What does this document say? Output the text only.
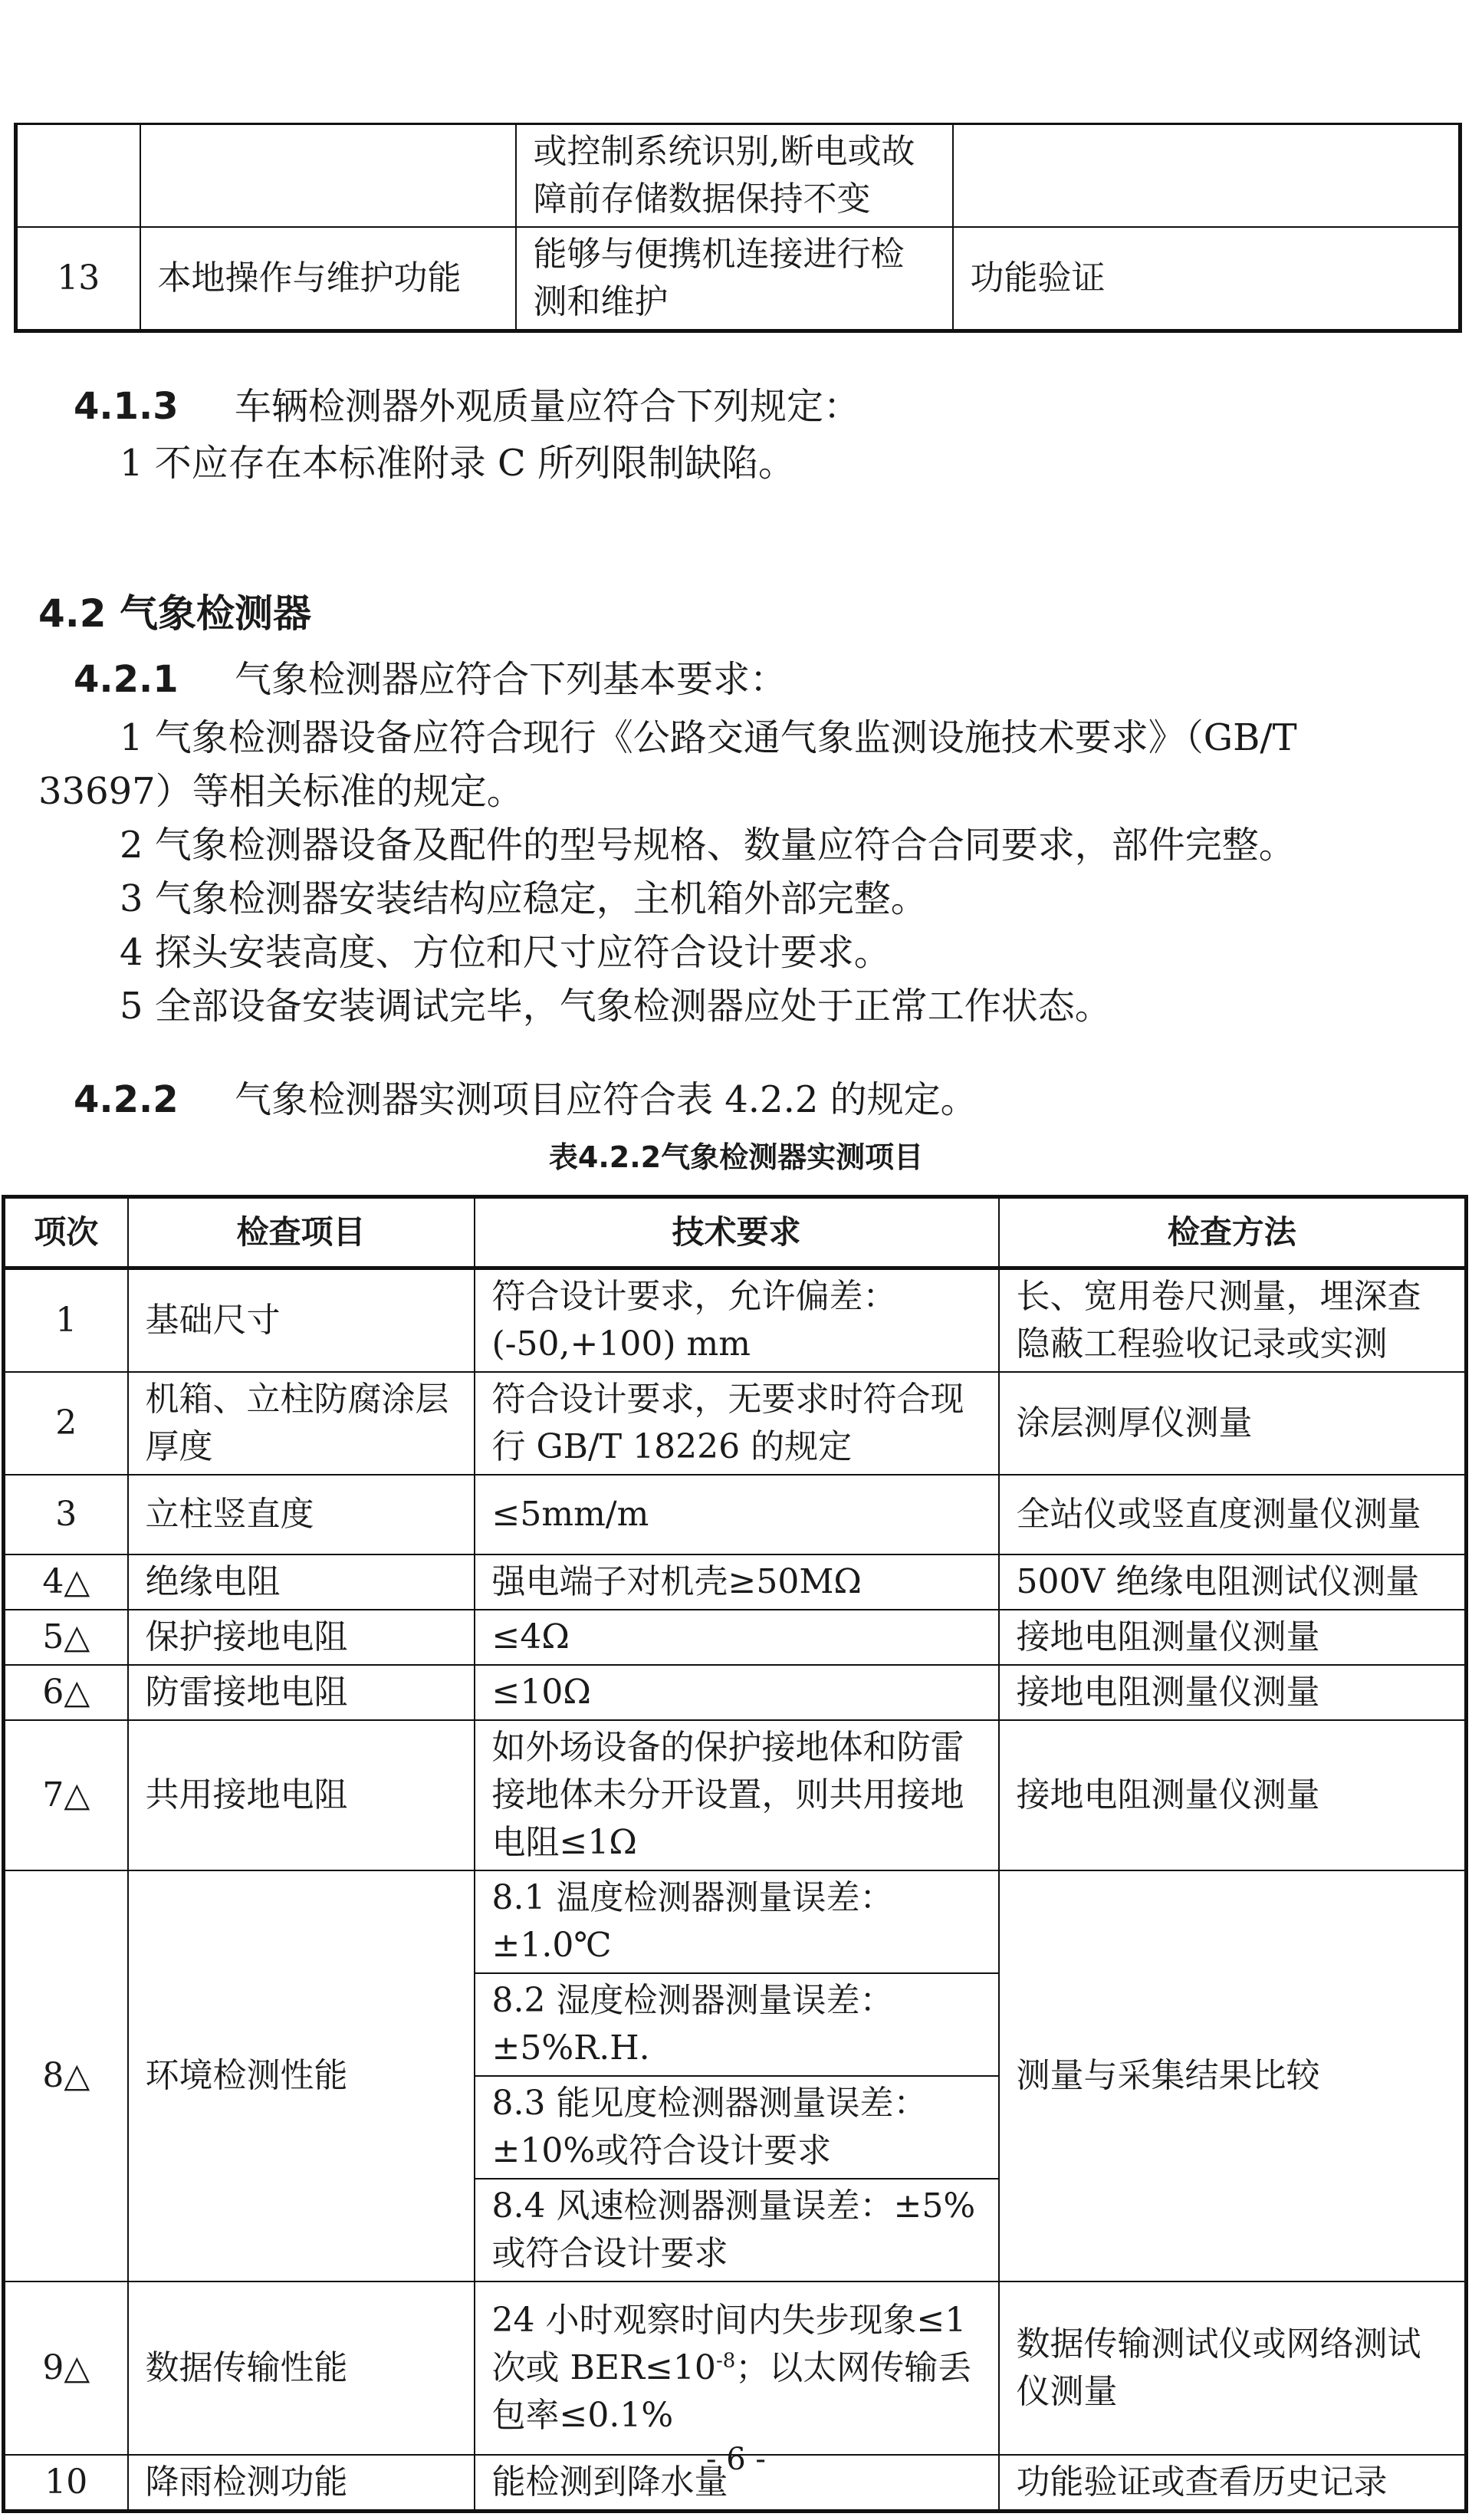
		或控制系统识别,断电或故障前存储数据保持不变	
13	本地操作与维护功能	能够与便携机连接进行检测和维护	功能验证
4.1.3 车辆检测器外观质量应符合下列规定：
1 不应存在本标准附录 C 所列限制缺陷。
4.2 气象检测器
4.2.1 气象检测器应符合下列基本要求：
1 气象检测器设备应符合现行《公路交通气象监测设施技术要求》（GB/T
33697）等相关标准的规定。
2 气象检测器设备及配件的型号规格、数量应符合合同要求，部件完整。
3 气象检测器安装结构应稳定，主机箱外部完整。
4 探头安装高度、方位和尺寸应符合设计要求。
5 全部设备安装调试完毕，气象检测器应处于正常工作状态。
4.2.2 气象检测器实测项目应符合表 4.2.2 的规定。
表4.2.2气象检测器实测项目
项次	检查项目	技术要求	检查方法
1	基础尺寸	符合设计要求，允许偏差：(-50,+100) mm	长、宽用卷尺测量，埋深查隐蔽工程验收记录或实测
2	机箱、立柱防腐涂层厚度	符合设计要求，无要求时符合现行 GB/T 18226 的规定	涂层测厚仪测量
3	立柱竖直度	≤5mm/m	全站仪或竖直度测量仪测量
4△	绝缘电阻	强电端子对机壳≥50MΩ	500V 绝缘电阻测试仪测量
5△	保护接地电阻	≤4Ω	接地电阻测量仪测量
6△	防雷接地电阻	≤10Ω	接地电阻测量仪测量
7△	共用接地电阻	如外场设备的保护接地体和防雷接地体未分开设置，则共用接地电阻≤1Ω	接地电阻测量仪测量
8△	环境检测性能	8.1 温度检测器测量误差：±1.0℃	测量与采集结果比较
		8.2 湿度检测器测量误差：±5%R.H.	
		8.3 能见度检测器测量误差：±10%或符合设计要求	
		8.4 风速检测器测量误差：±5%或符合设计要求	
9△	数据传输性能	24 小时观察时间内失步现象≤1 次或 $BER\le 10^{-8}$；以太网传输丢包率≤0.1%	数据传输测试仪或网络测试仪测量
10	降雨检测功能	能检测到降水量	功能验证或查看历史记录
- 6 -
